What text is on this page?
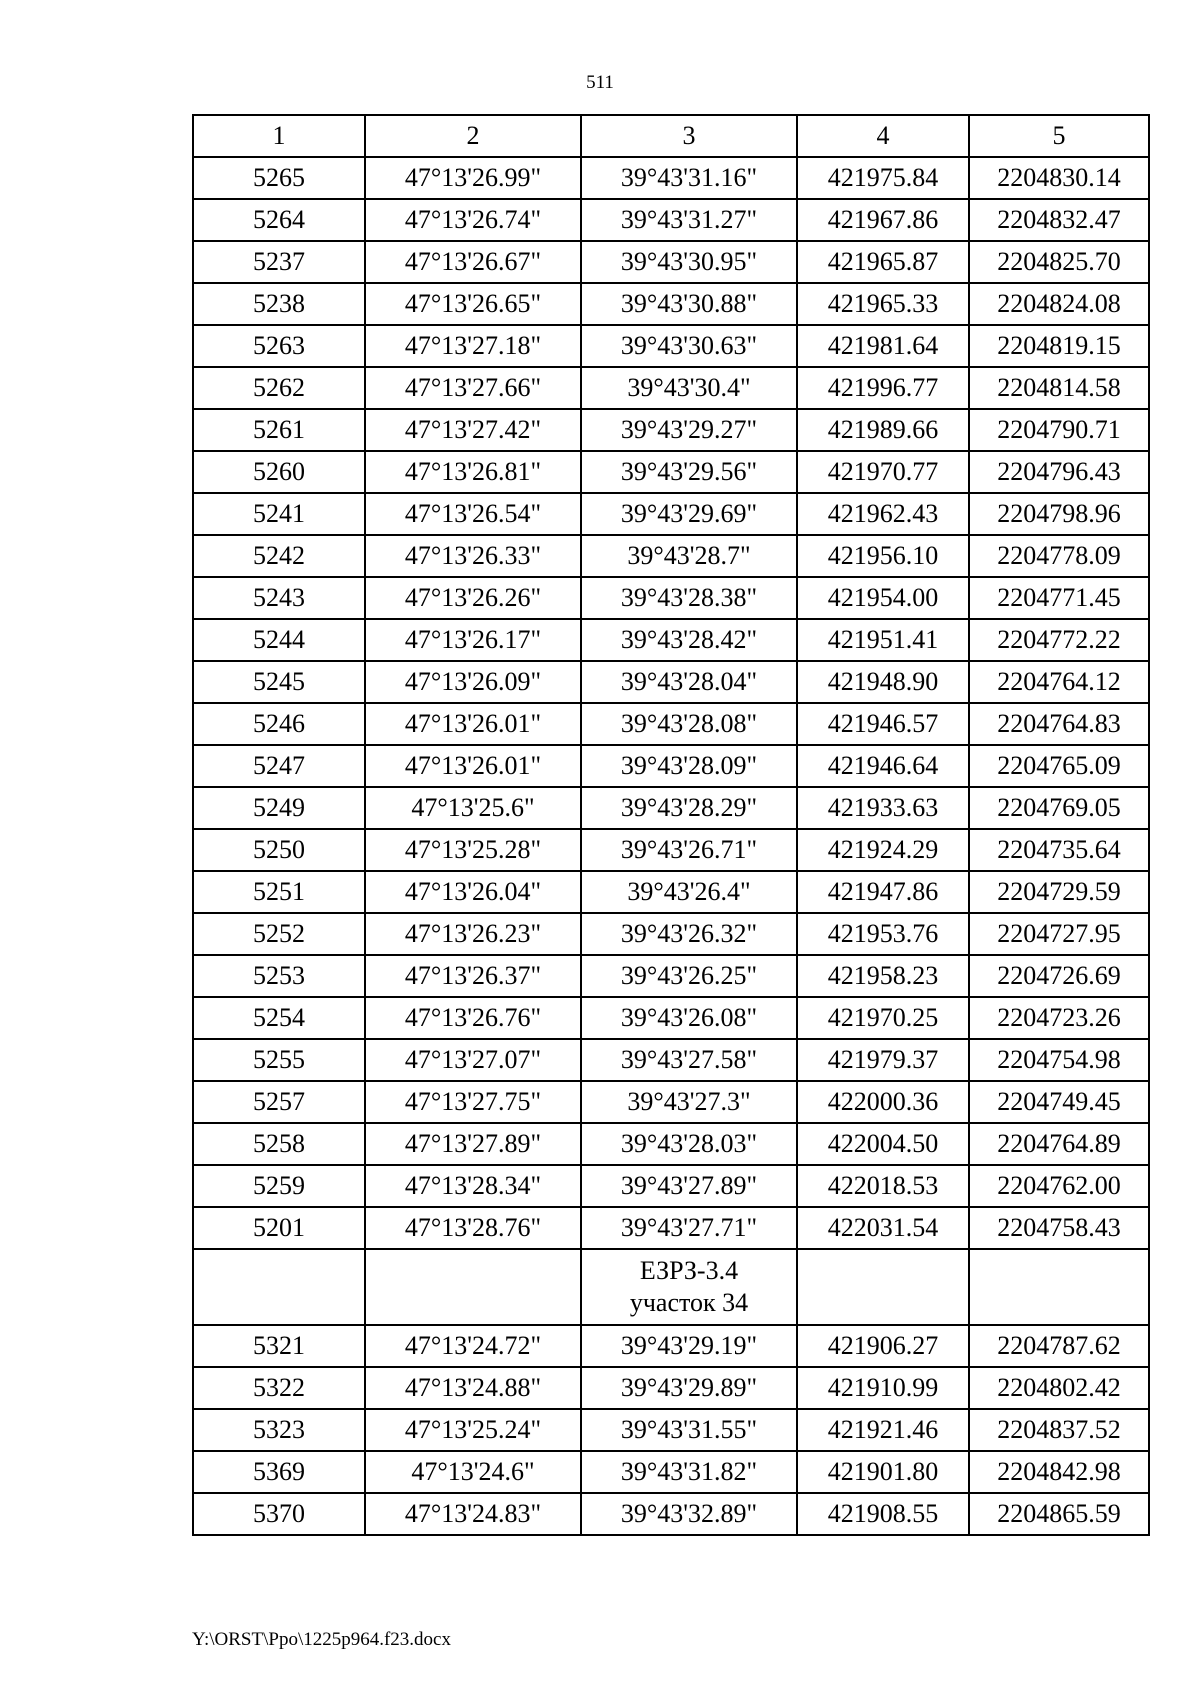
511
1	2	3	4	5
5265	47°13'26.99"	39°43'31.16"	421975.84	2204830.14
5264	47°13'26.74"	39°43'31.27"	421967.86	2204832.47
5237	47°13'26.67"	39°43'30.95"	421965.87	2204825.70
5238	47°13'26.65"	39°43'30.88"	421965.33	2204824.08
5263	47°13'27.18"	39°43'30.63"	421981.64	2204819.15
5262	47°13'27.66"	39°43'30.4"	421996.77	2204814.58
5261	47°13'27.42"	39°43'29.27"	421989.66	2204790.71
5260	47°13'26.81"	39°43'29.56"	421970.77	2204796.43
5241	47°13'26.54"	39°43'29.69"	421962.43	2204798.96
5242	47°13'26.33"	39°43'28.7"	421956.10	2204778.09
5243	47°13'26.26"	39°43'28.38"	421954.00	2204771.45
5244	47°13'26.17"	39°43'28.42"	421951.41	2204772.22
5245	47°13'26.09"	39°43'28.04"	421948.90	2204764.12
5246	47°13'26.01"	39°43'28.08"	421946.57	2204764.83
5247	47°13'26.01"	39°43'28.09"	421946.64	2204765.09
5249	47°13'25.6"	39°43'28.29"	421933.63	2204769.05
5250	47°13'25.28"	39°43'26.71"	421924.29	2204735.64
5251	47°13'26.04"	39°43'26.4"	421947.86	2204729.59
5252	47°13'26.23"	39°43'26.32"	421953.76	2204727.95
5253	47°13'26.37"	39°43'26.25"	421958.23	2204726.69
5254	47°13'26.76"	39°43'26.08"	421970.25	2204723.26
5255	47°13'27.07"	39°43'27.58"	421979.37	2204754.98
5257	47°13'27.75"	39°43'27.3"	422000.36	2204749.45
5258	47°13'27.89"	39°43'28.03"	422004.50	2204764.89
5259	47°13'28.34"	39°43'27.89"	422018.53	2204762.00
5201	47°13'28.76"	39°43'27.71"	422031.54	2204758.43

		ЕЗРЗ-3.4
участок 34		

5321	47°13'24.72"	39°43'29.19"	421906.27	2204787.62
5322	47°13'24.88"	39°43'29.89"	421910.99	2204802.42
5323	47°13'25.24"	39°43'31.55"	421921.46	2204837.52
5369	47°13'24.6"	39°43'31.82"	421901.80	2204842.98
5370	47°13'24.83"	39°43'32.89"	421908.55	2204865.59
Y:\ORST\Ppo\1225p964.f23.docx
